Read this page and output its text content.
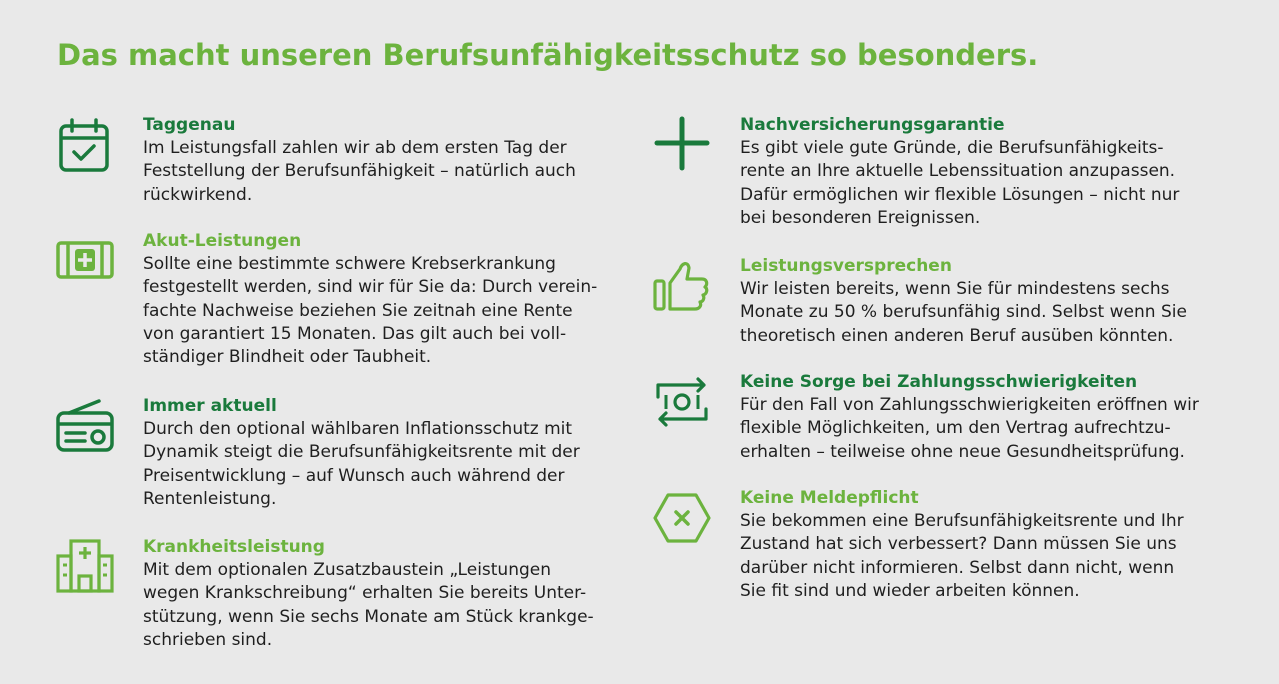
Das macht unseren Berufsunfähigkeitsschutz so besonders.
Taggenau

Im Leistungsfall zahlen wir ab dem ersten Tag der
Feststellung der Berufsunfähigkeit – natürlich auch
rückwirkend.

Akut-Leistungen

Sollte eine bestimmte schwere Krebserkrankung
festgestellt werden, sind wir für Sie da: Durch verein-
fachte Nachweise beziehen Sie zeitnah eine Rente
von garantiert 15 Monaten. Das gilt auch bei voll-
ständiger Blindheit oder Taubheit.

Immer aktuell

Durch den optional wählbaren Inflationsschutz mit
Dynamik steigt die Berufsunfähigkeitsrente mit der
Preisentwicklung – auf Wunsch auch während der
Rentenleistung.

Krankheitsleistung

Mit dem optionalen Zusatzbaustein „Leistungen
wegen Krankschreibung“ erhalten Sie bereits Unter-
stützung, wenn Sie sechs Monate am Stück krankge-
schrieben sind.

Nachversicherungsgarantie

Es gibt viele gute Gründe, die Berufsunfähigkeits-
rente an Ihre aktuelle Lebenssituation anzupassen.
Dafür ermöglichen wir flexible Lösungen – nicht nur
bei besonderen Ereignissen.

Leistungsversprechen

Wir leisten bereits, wenn Sie für mindestens sechs
Monate zu 50 % berufsunfähig sind. Selbst wenn Sie
theoretisch einen anderen Beruf ausüben könnten.

Keine Sorge bei Zahlungsschwierigkeiten

Für den Fall von Zahlungsschwierigkeiten eröffnen wir
flexible Möglichkeiten, um den Vertrag aufrechtzu-
erhalten – teilweise ohne neue Gesundheitsprüfung.

Keine Meldepflicht

Sie bekommen eine Berufsunfähigkeitsrente und Ihr
Zustand hat sich verbessert? Dann müssen Sie uns
darüber nicht informieren. Selbst dann nicht, wenn
Sie fit sind und wieder arbeiten können.
